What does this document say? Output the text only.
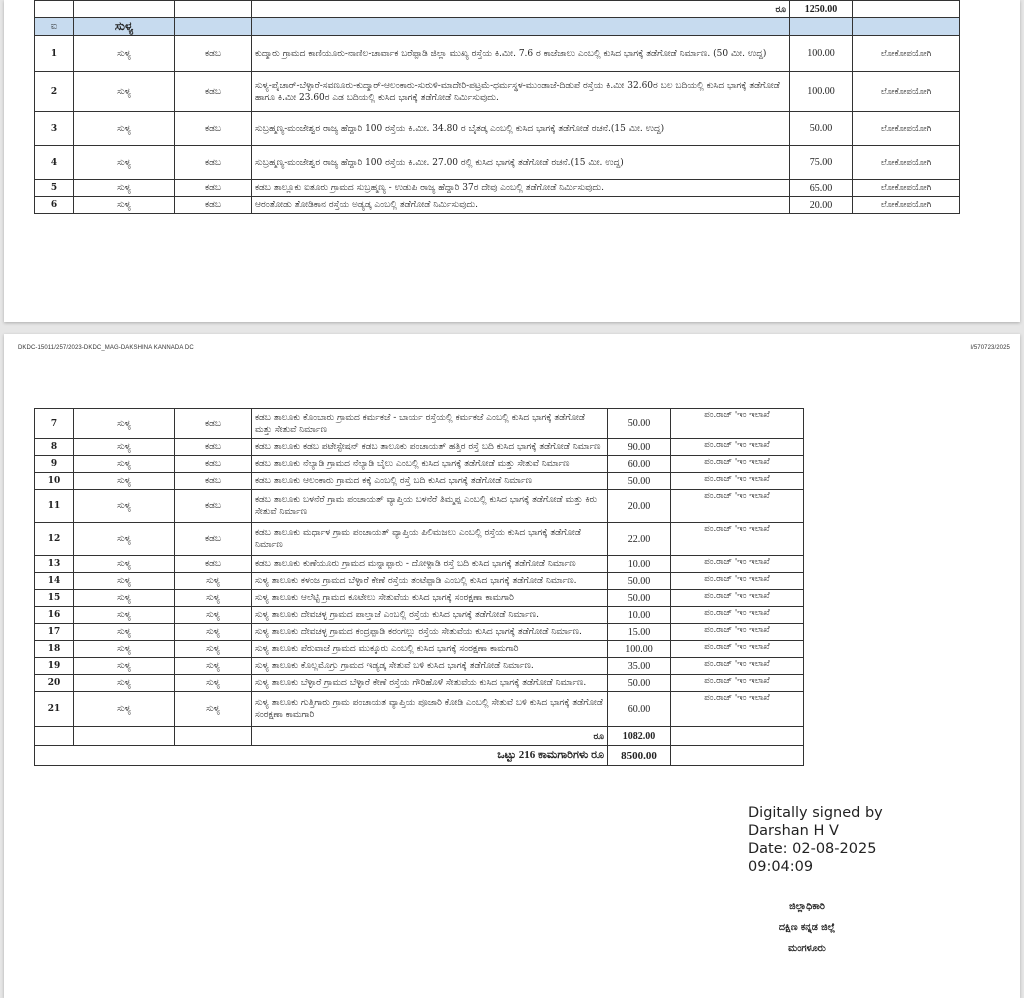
			ರೂ	1250.00	
ಐ	ಸುಳ್ಯ				
1	ಸುಳ್ಯ	ಕಡಬ	ಕುದ್ಮಾರು ಗ್ರಾಮದ ಕಾಣಿಯೂರು-ನಾಣಿಲ-ಚಾರ್ವಾಕ ಬರೆಪ್ಪಾಡಿ ಜಿಲ್ಲಾ ಮುಖ್ಯ ರಸ್ತೆಯ ಕಿ.ಮೀ. 7.6 ರ ಕಾಜೆಜಾಲು ಎಂಬಲ್ಲಿ ಕುಸಿದ ಭಾಗಕ್ಕೆ ತಡೆಗೋಡೆ ನಿರ್ಮಾಣ. (50 ಮೀ. ಉದ್ದ)	100.00	ಲೋಕೋಪಯೋಗಿ
2	ಸುಳ್ಯ	ಕಡಬ	ಸುಳ್ಯ-ಪೈಚಾರ್-ಬೆಳ್ಳಾರೆ-ಸವಣೂರು-ಕುದ್ಮಾರ್-ಆಲಂಕಾರು-ಸುರುಳಿ-ಮಾದೇರಿ-ಪಟ್ರಮೆ-ಧರ್ಮಸ್ಥಳ-ಮುಂಡಾಜೆ-ದಿಡುಪೆ ರಸ್ತೆಯ ಕಿ.ಮೀ 32.60ರ ಬಲ ಬದಿಯಲ್ಲಿ ಕುಸಿದ ಭಾಗಕ್ಕೆ ತಡೆಗೋಡೆ ಹಾಗೂ ಕಿ.ಮೀ 23.60ರ ಎಡ ಬದಿಯಲ್ಲಿ ಕುಸಿದ ಭಾಗಕ್ಕೆ ತಡೆಗೋಡೆ ನಿರ್ಮಿಸುವುದು.	100.00	ಲೋಕೋಪಯೋಗಿ
3	ಸುಳ್ಯ	ಕಡಬ	ಸುಬ್ರಹ್ಮಣ್ಯ-ಮಂಜೇಶ್ವರ ರಾಜ್ಯ ಹೆದ್ದಾರಿ 100 ರಸ್ತೆಯ ಕಿ.ಮೀ. 34.80 ರ ಬೈತಡ್ಕ ಎಂಬಲ್ಲಿ ಕುಸಿದ ಭಾಗಕ್ಕೆ ತಡೆಗೋಡೆ ರಚನೆ.(15 ಮೀ. ಉದ್ದ)	50.00	ಲೋಕೋಪಯೋಗಿ
4	ಸುಳ್ಯ	ಕಡಬ	ಸುಬ್ರಹ್ಮಣ್ಯ-ಮಂಜೇಶ್ವರ ರಾಜ್ಯ ಹೆದ್ದಾರಿ 100 ರಸ್ತೆಯ ಕಿ.ಮೀ. 27.00 ರಲ್ಲಿ ಕುಸಿದ ಭಾಗಕ್ಕೆ ತಡೆಗೋಡೆ ರಚನೆ.(15 ಮೀ. ಉದ್ದ)	75.00	ಲೋಕೋಪಯೋಗಿ
5	ಸುಳ್ಯ	ಕಡಬ	ಕಡಬ ತಾಲ್ಲೂಕು ಐತೂರು ಗ್ರಾಮದ ಸುಬ್ರಹ್ಮಣ್ಯ - ಉಡುಪಿ ರಾಜ್ಯ ಹೆದ್ದಾರಿ 37ರ ದೇವು ಎಂಬಲ್ಲಿ ತಡೆಗೋಡೆ ನಿರ್ಮಿಸುವುದು.	65.00	ಲೋಕೋಪಯೋಗಿ
6	ಸುಳ್ಯ	ಕಡಬ	ಆರಂತೋಡು ತೋಡಿಕಾನ ರಸ್ತೆಯ ಅಡ್ಯಡ್ಕ ಎಂಬಲ್ಲಿ ತಡೆಗೋಡೆ ನಿರ್ಮಿಸುವುದು.	20.00	ಲೋಕೋಪಯೋಗಿ
DKDC-15011/257/2023-DKDC_MAG-DAKSHINA KANNADA DC	I/570723/2025
7	ಸುಳ್ಯ	ಕಡಬ	ಕಡಬ ತಾಲೂಕು ಕೊಂಬಾರು ಗ್ರಾಮದ ಕರ್ಮಕಜೆ - ಬಾರ್ಯ ರಸ್ತೆಯಲ್ಲಿ ಕರ್ಮಕಜೆ ಎಂಬಲ್ಲಿ ಕುಸಿದ ಭಾಗಕ್ಕೆ ತಡೆಗೋಡೆ ಮತ್ತು ಸೇತುವೆ ನಿರ್ಮಾಣ	50.00	ಪಂ.ರಾಜ್ 'ಇಂ ಇಲಾಖೆ
8	ಸುಳ್ಯ	ಕಡಬ	ಕಡಬ ತಾಲೂಕು ಕಡಬ ಪಟೇಸ್ಟೇಷನ್ ಕಡಬ ತಾಲೂಕು ಪಂಚಾಯತ್ ಹತ್ತಿರ ರಸ್ತೆ ಬದಿ ಕುಸಿದ ಭಾಗಕ್ಕೆ ತಡೆಗೋಡೆ ನಿರ್ಮಾಣ	90.00	ಪಂ.ರಾಜ್ 'ಇಂ ಇಲಾಖೆ
9	ಸುಳ್ಯ	ಕಡಬ	ಕಡಬ ತಾಲೂಕು ನೆಲ್ಯಾಡಿ ಗ್ರಾಮದ ನೆಲ್ಯಾಡಿ ಬೈಲು ಎಂಬಲ್ಲಿ ಕುಸಿದ ಭಾಗಕ್ಕೆ ತಡೆಗೋಡೆ ಮತ್ತು ಸೇತುವೆ ನಿರ್ಮಾಣ	60.00	ಪಂ.ರಾಜ್ 'ಇಂ ಇಲಾಖೆ
10	ಸುಳ್ಯ	ಕಡಬ	ಕಡಬ ತಾಲೂಕು ಆಲಂಕಾರು ಗ್ರಾಮದ ಕಕ್ಕೆ ಎಂಬಲ್ಲಿ ರಸ್ತೆ ಬದಿ ಕುಸಿದ ಭಾಗಕ್ಕೆ ತಡೆಗೋಡೆ ನಿರ್ಮಾಣ	50.00	ಪಂ.ರಾಜ್ 'ಇಂ ಇಲಾಖೆ
11	ಸುಳ್ಯ	ಕಡಬ	ಕಡಬ ತಾಲೂಕು ಬಳನೆರೆ ಗ್ರಾಮ ಪಂಚಾಯತ್ ವ್ಯಾಪ್ತಿಯ ಬಳನೆರೆ ತಿಮ್ಮಪ್ಪ ಎಂಬಲ್ಲಿ ಕುಸಿದ ಭಾಗಕ್ಕೆ ತಡೆಗೋಡೆ ಮತ್ತು ಕಿರು ಸೇತುವೆ ನಿರ್ಮಾಣ	20.00	ಪಂ.ರಾಜ್ 'ಇಂ ಇಲಾಖೆ
12	ಸುಳ್ಯ	ಕಡಬ	ಕಡಬ ತಾಲೂಕು ಮರ್ಧಾಳ ಗ್ರಾಮ ಪಂಚಾಯತ್ ವ್ಯಾಪ್ತಿಯ ಪಿಲಿಮಜಲು ಎಂಬಲ್ಲಿ ರಸ್ತೆಯ ಕುಸಿದ ಭಾಗಕ್ಕೆ ತಡೆಗೋಡೆ ನಿರ್ಮಾಣ	22.00	ಪಂ.ರಾಜ್ 'ಇಂ ಇಲಾಖೆ
13	ಸುಳ್ಯ	ಕಡಬ	ಕಡಬ ತಾಲೂಕು ಕುಣೆಯೂರು ಗ್ರಾಮದ ಮನ್ನಾಪ್ಪಾರು - ದೋಳ್ಪಾಡಿ ರಸ್ತೆ ಬದಿ ಕುಸಿದ ಭಾಗಕ್ಕೆ ತಡೆಗೋಡೆ ನಿರ್ಮಾಣ	10.00	ಪಂ.ರಾಜ್ 'ಇಂ ಇಲಾಖೆ
14	ಸುಳ್ಯ	ಸುಳ್ಯ	ಸುಳ್ಯ ತಾಲೂಕು ಕಳಂಜ ಗ್ರಾಮದ ಬೆಳ್ಳಾರೆ ಕೇಣೆ ರಸ್ತೆಯ ತಂಟೆಪ್ಪಾಡಿ ಎಂಬಲ್ಲಿ ಕುಸಿದ ಭಾಗಕ್ಕೆ ತಡೆಗೋಡೆ ನಿರ್ಮಾಣ.	50.00	ಪಂ.ರಾಜ್ 'ಇಂ ಇಲಾಖೆ
15	ಸುಳ್ಯ	ಸುಳ್ಯ	ಸುಳ್ಯ ತಾಲೂಕು ಆಲೆಟ್ಟಿ ಗ್ರಾಮದ ಕೂಟೇಲು ಸೇತುವೆಯ ಕುಸಿದ ಭಾಗಕ್ಕೆ ಸಂರಕ್ಷಣಾ ಕಾಮಗಾರಿ	50.00	ಪಂ.ರಾಜ್ 'ಇಂ ಇಲಾಖೆ
16	ಸುಳ್ಯ	ಸುಳ್ಯ	ಸುಳ್ಯ ತಾಲೂಕು ದೇವಚಳ್ಳ ಗ್ರಾಮದ ಪಾಲ್ತಾಜೆ ಎಂಬಲ್ಲಿ ರಸ್ತೆಯ ಕುಸಿದ ಭಾಗಕ್ಕೆ ತಡೆಗೋಡೆ ನಿರ್ಮಾಣ.	10.00	ಪಂ.ರಾಜ್ 'ಇಂ ಇಲಾಖೆ
17	ಸುಳ್ಯ	ಸುಳ್ಯ	ಸುಳ್ಯ ತಾಲೂಕು ದೇವಚಳ್ಳ ಗ್ರಾಮದ ಕಂದ್ರಪ್ಪಾಡಿ ಕರಂಗಲ್ಲು ರಸ್ತೆಯ ಸೇತುವೆಯ ಕುಸಿದ ಭಾಗಕ್ಕೆ ತಡೆಗೋಡೆ ನಿರ್ಮಾಣ.	15.00	ಪಂ.ರಾಜ್ 'ಇಂ ಇಲಾಖೆ
18	ಸುಳ್ಯ	ಸುಳ್ಯ	ಸುಳ್ಯ ತಾಲೂಕು ಪೆರುವಾಜೆ ಗ್ರಾಮದ ಮುಕ್ಕೂರು ಎಂಬಲ್ಲಿ ಕುಸಿದ ಭಾಗಕ್ಕೆ ಸಂರಕ್ಷಣಾ ಕಾಮಗಾರಿ	100.00	ಪಂ.ರಾಜ್ 'ಇಂ ಇಲಾಖೆ
19	ಸುಳ್ಯ	ಸುಳ್ಯ	ಸುಳ್ಯ ತಾಲೂಕು ಕೊಲ್ಲಮೊಗ್ರು ಗ್ರಾಮದ ಇಡ್ಯಡ್ಕ ಸೇತುವೆ ಬಳಿ ಕುಸಿದ ಭಾಗಕ್ಕೆ ತಡೆಗೋಡೆ ನಿರ್ಮಾಣ.	35.00	ಪಂ.ರಾಜ್ 'ಇಂ ಇಲಾಖೆ
20	ಸುಳ್ಯ	ಸುಳ್ಯ	ಸುಳ್ಯ ತಾಲೂಕು ಬೆಳ್ಳಾರೆ ಗ್ರಾಮದ ಬೆಳ್ಳಾರೆ ಕೇಣೆ ರಸ್ತೆಯ ಗೌರಿಹೊಳೆ ಸೇತುವೆಯ ಕುಸಿದ ಭಾಗಕ್ಕೆ ತಡೆಗೋಡೆ ನಿರ್ಮಾಣ.	50.00	ಪಂ.ರಾಜ್ 'ಇಂ ಇಲಾಖೆ
21	ಸುಳ್ಯ	ಸುಳ್ಯ	ಸುಳ್ಯ ತಾಲೂಕು ಗುತ್ತಿಗಾರು ಗ್ರಾಮ ಪಂಚಾಯತ ವ್ಯಾಪ್ತಿಯ ಪೂಜಾರಿ ಕೋಡಿ ಎಂಬಲ್ಲಿ ಸೇತುವೆ ಬಳಿ ಕುಸಿದ ಭಾಗಕ್ಕೆ ತಡೆಗೋಡೆ ಸಂರಕ್ಷಣಾ ಕಾಮಗಾರಿ	60.00	ಪಂ.ರಾಜ್ 'ಇಂ ಇಲಾಖೆ
			ರೂ	1082.00	
ಒಟ್ಟು 216 ಕಾಮಗಾರಿಗಳು ರೂ				8500.00	
Digitally signed by
Darshan H V
Date: 02-08-2025
09:04:09
ಜಿಲ್ಲಾಧಿಕಾರಿ
ದಕ್ಷಿಣ ಕನ್ನಡ ಜಿಲ್ಲೆ
ಮಂಗಳೂರು
